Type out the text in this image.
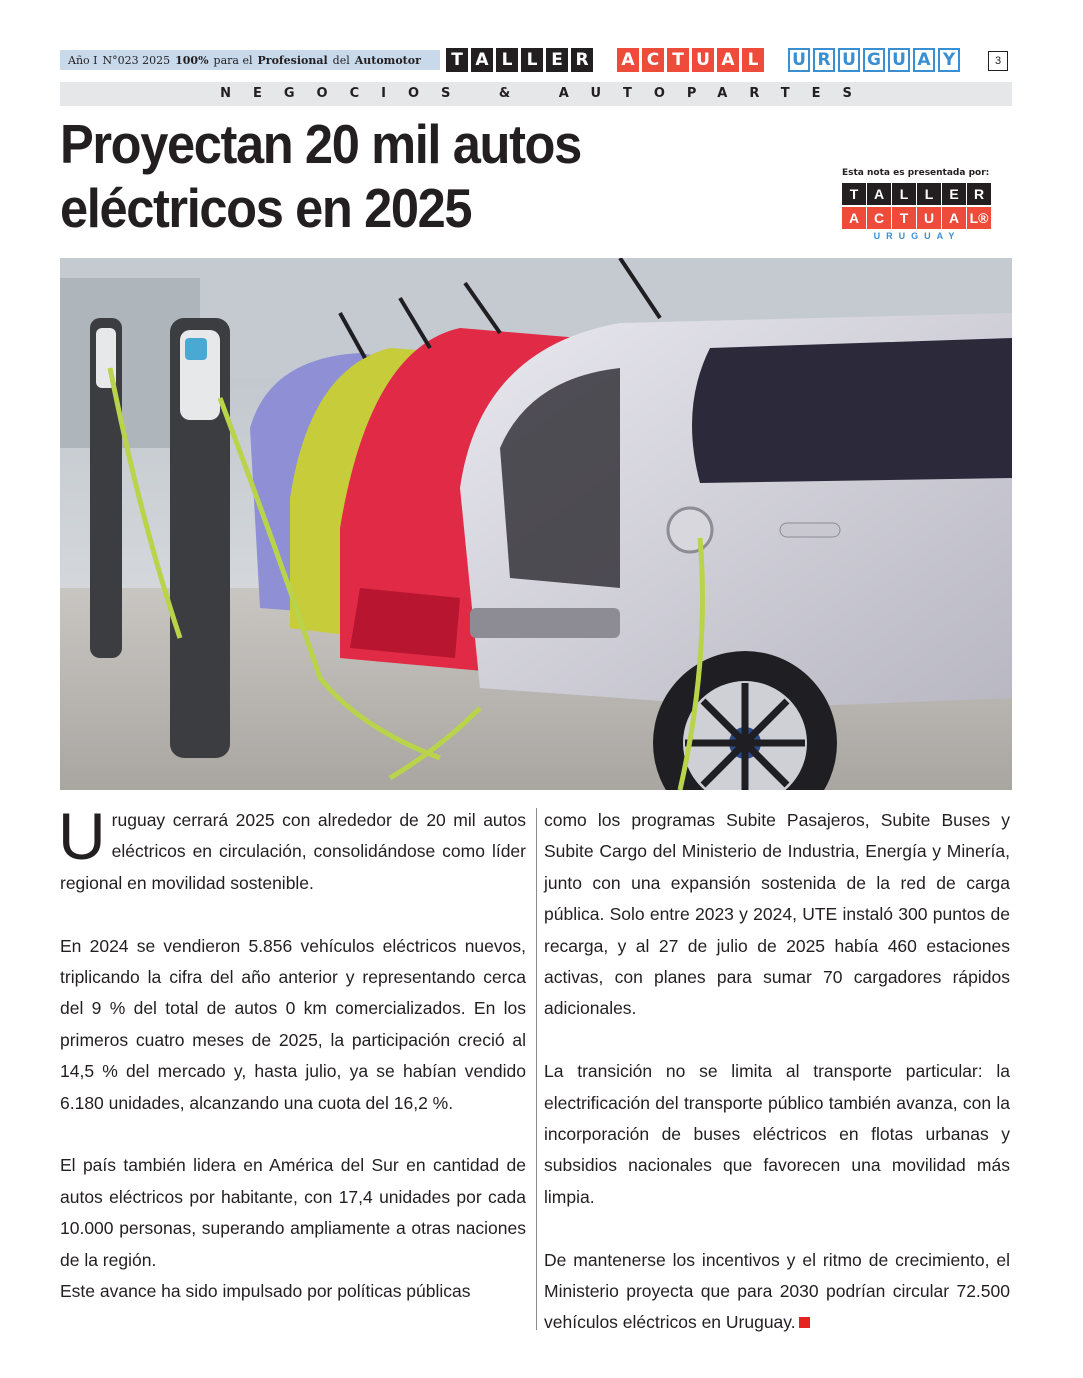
Año I N°023 2025 100% para el Profesional del Automotor	T A L L E R A C T U A L	U R U G U A Y	3
NEGOCIOS & AUTOPARTES
Proyectan 20 mil autos
eléctricos en 2025
Esta nota es presentada por:
T	A	L	L	E	R
A	C	T	U	A L®
URUGUAY

Uruguay cerrará 2025 con alrededor de 20 mil autos eléctricos en circulación, consolidándose como líder regional en movilidad sostenible.

En 2024 se vendieron 5.856 vehículos eléctricos nuevos, triplicando la cifra del año anterior y representando cerca del 9 % del total de autos 0 km comercializados. En los primeros cuatro meses de 2025, la participación creció al 14,5 % del mercado y, hasta julio, ya se habían vendido 6.180 unidades, alcanzando una cuota del 16,2 %.

El país también lidera en América del Sur en cantidad de autos eléctricos por habitante, con 17,4 unidades por cada 10.000 personas, superando ampliamente a otras naciones de la región.

Este avance ha sido impulsado por políticas públicas

como los programas Subite Pasajeros, Subite Buses y Subite Cargo del Ministerio de Industria, Energía y Minería, junto con una expansión sostenida de la red de carga pública. Solo entre 2023 y 2024, UTE instaló 300 puntos de recarga, y al 27 de julio de 2025 había 460 estaciones activas, con planes para sumar 70 cargadores rápidos adicionales.

La transición no se limita al transporte particular: la electrificación del transporte público también avanza, con la incorporación de buses eléctricos en flotas urbanas y subsidios nacionales que favorecen una movilidad más limpia.

De mantenerse los incentivos y el ritmo de crecimiento, el Ministerio proyecta que para 2030 podrían circular 72.500 vehículos eléctricos en Uruguay.
